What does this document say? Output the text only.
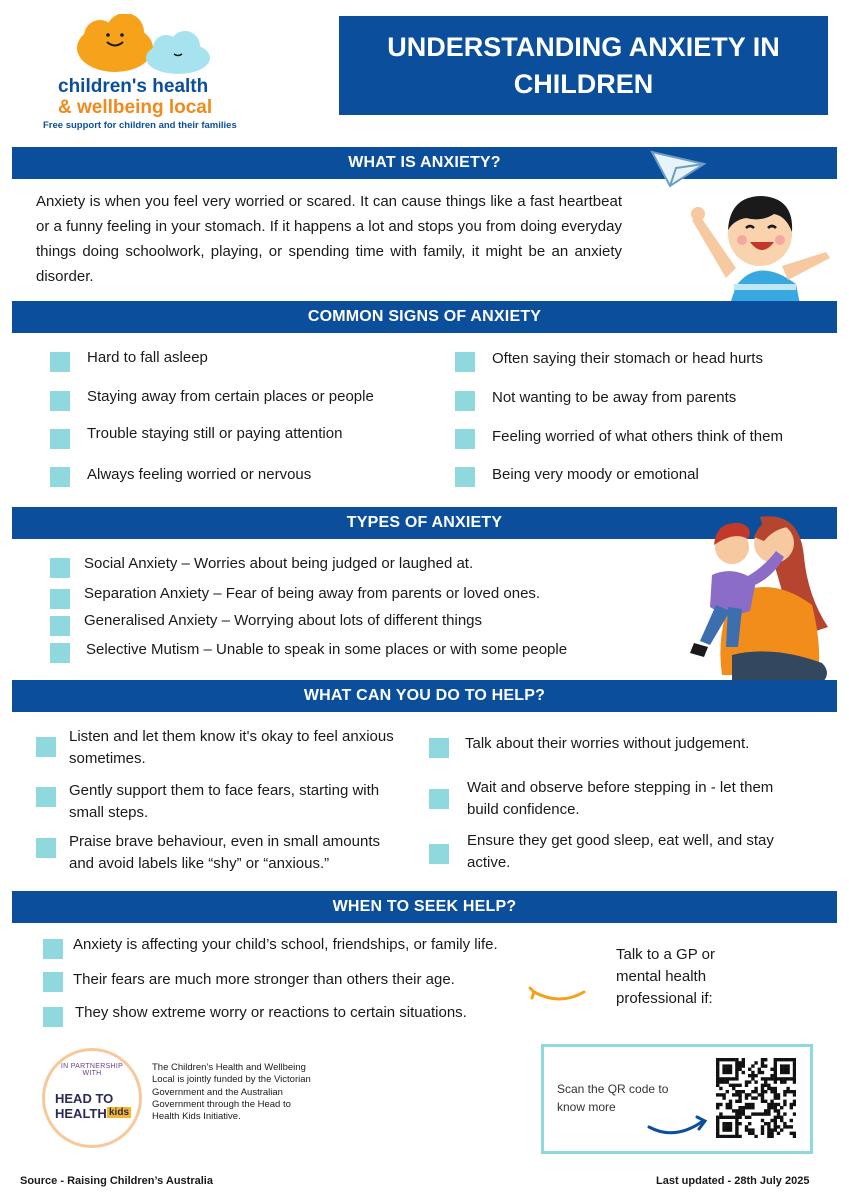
children's health
& wellbeing local
Free support for children and their families
UNDERSTANDING ANXIETY IN CHILDREN
WHAT IS ANXIETY?
Anxiety is when you feel very worried or scared. It can cause things like a fast heartbeat or a funny feeling in your stomach. If it happens a lot and stops you from doing everyday things doing schoolwork, playing, or spending time with family, it might be an anxiety disorder.
COMMON SIGNS OF ANXIETY
Hard to fall asleep
Staying away from certain places or people
Trouble staying still or paying attention
Always feeling worried or nervous
Often saying their stomach or head hurts
Not wanting to be away from parents
Feeling worried of what others think of them
Being very moody or emotional
TYPES OF ANXIETY
Social Anxiety – Worries about being judged or laughed at.
Separation Anxiety – Fear of being away from parents or loved ones.
Generalised Anxiety – Worrying about lots of different things
Selective Mutism – Unable to speak in some places or with some people
WHAT CAN YOU DO TO HELP?
Listen and let them know it's okay to feel anxious sometimes.
Gently support them to face fears, starting with small steps.
Praise brave behaviour, even in small amounts and avoid labels like “shy” or “anxious.”
Talk about their worries without judgement.
Wait and observe before stepping in - let them build confidence.
Ensure they get good sleep, eat well, and stay active.
WHEN TO SEEK HELP?
Anxiety is affecting your child’s school, friendships, or family life.
Their fears are much more stronger than others their age.
They show extreme worry or reactions to certain situations.
Talk to a GP or mental health professional if:
IN PARTNERSHIP WITH
HEAD TO
HEALTH kids
The Children’s Health and Wellbeing Local is jointly funded by the Victorian Government and the Australian Government through the Head to Health Kids Initiative.
Scan the QR code to know more
Source - Raising Children’s Australia	Last updated - 28th July 2025
